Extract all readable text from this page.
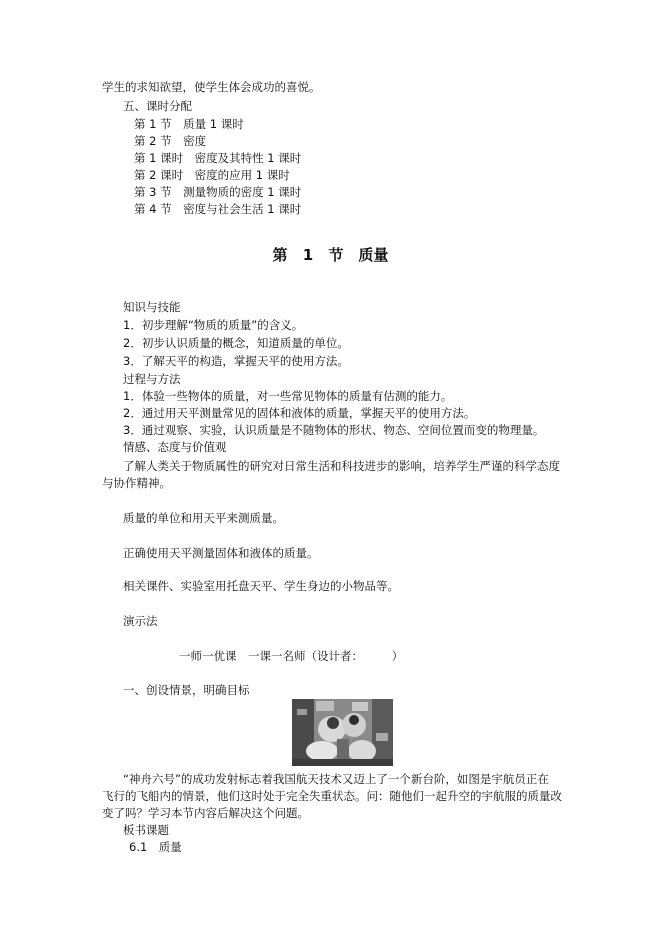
学生的求知欲望，使学生体会成功的喜悦。
五、课时分配
第 1 节　质量 1 课时
第 2 节　密度
第 1 课时　密度及其特性 1 课时
第 2 课时　密度的应用 1 课时
第 3 节　测量物质的密度 1 课时
第 4 节　密度与社会生活 1 课时
第 1 节　质量
知识与技能
1．初步理解“物质的质量”的含义。
2．初步认识质量的概念，知道质量的单位。
3．了解天平的构造，掌握天平的使用方法。
过程与方法
1．体验一些物体的质量，对一些常见物体的质量有估测的能力。
2．通过用天平测量常见的固体和液体的质量，掌握天平的使用方法。
3．通过观察、实验，认识质量是不随物体的形状、物态、空间位置而变的物理量。
情感、态度与价值观
了解人类关于物质属性的研究对日常生活和科技进步的影响，培养学生严谨的科学态度
与协作精神。
质量的单位和用天平来测质量。
正确使用天平测量固体和液体的质量。
相关课件、实验室用托盘天平、学生身边的小物品等。
演示法
一师一优课　一课一名师（设计者：　　　）
一、创设情景，明确目标
“神舟六号”的成功发射标志着我国航天技术又迈上了一个新台阶，如图是宇航员正在
飞行的飞船内的情景，他们这时处于完全失重状态。问：随他们一起升空的宇航服的质量改
变了吗？学习本节内容后解决这个问题。
板书课题
6.1　质量
